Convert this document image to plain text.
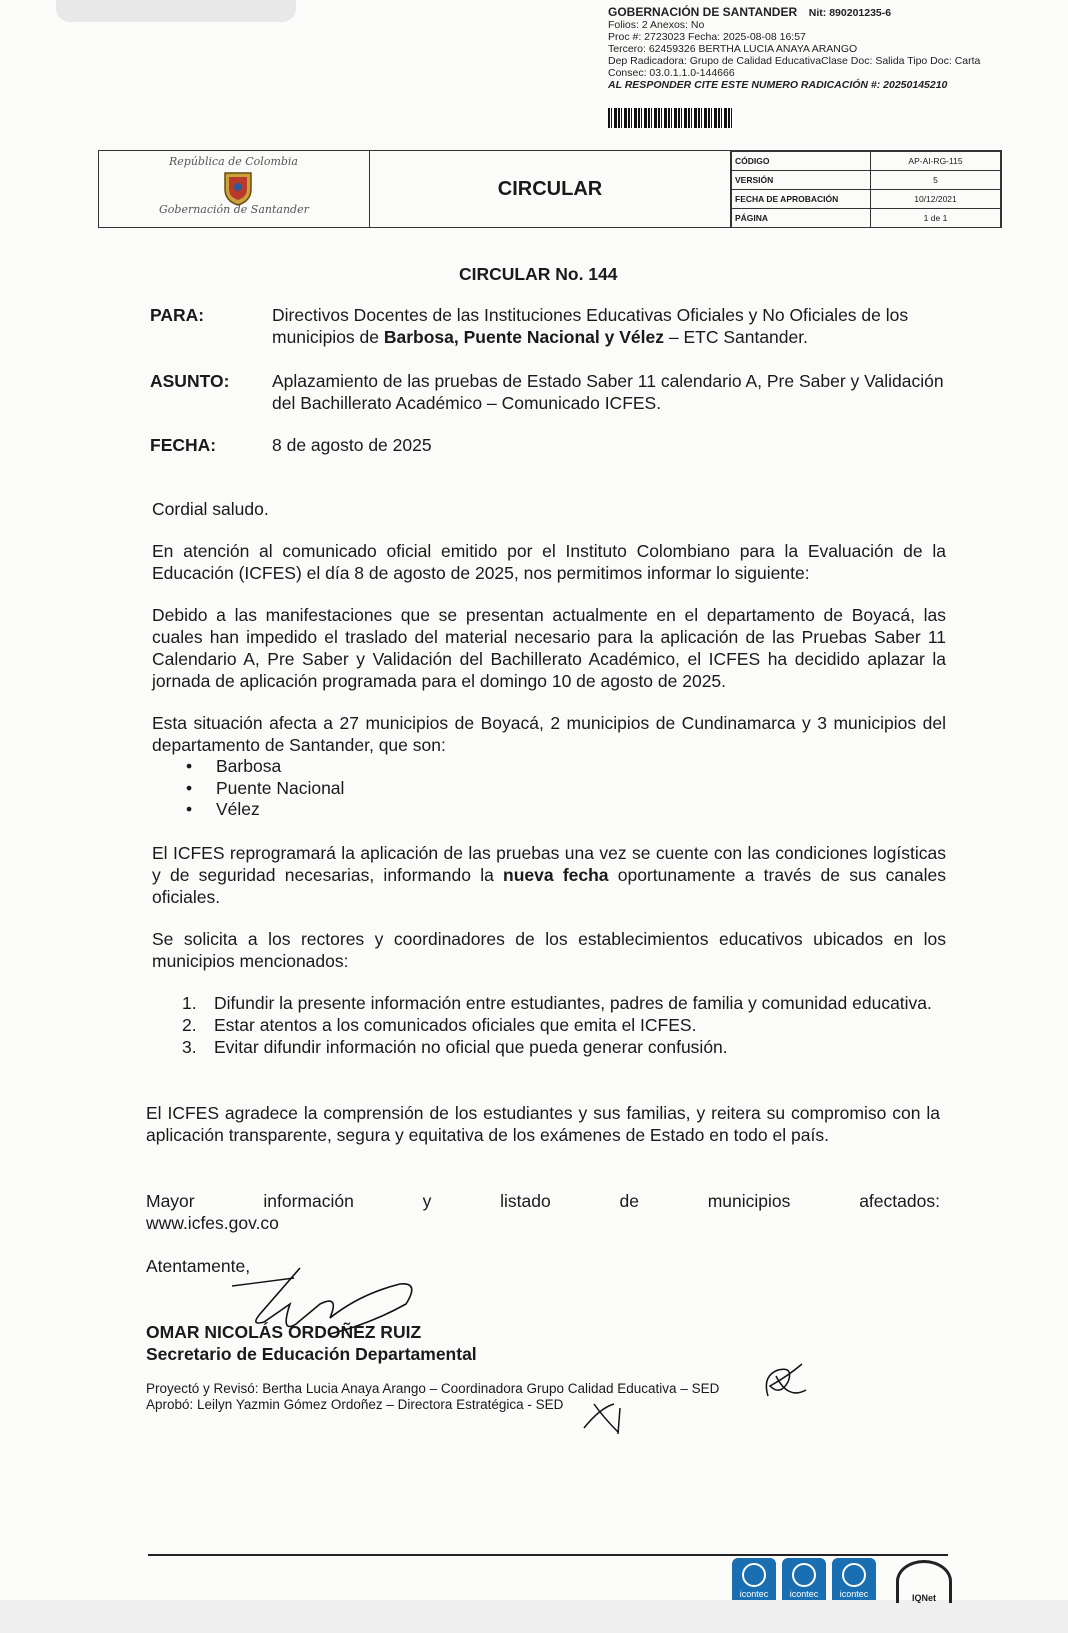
GOBERNACIÓN DE SANTANDER Nit: 890201235-6
Folios: 2 Anexos: No
Proc #: 2723023 Fecha: 2025-08-08 16:57
Tercero: 62459326 BERTHA LUCIA ANAYA ARANGO
Dep Radicadora: Grupo de Calidad EducativaClase Doc: Salida Tipo Doc: Carta
Consec: 03.0.1.1.0-144666
AL RESPONDER CITE ESTE NUMERO RADICACIÓN #: 20250145210
República de Colombia
Gobernación de Santander
CIRCULAR
CÓDIGO	AP-AI-RG-115
VERSIÓN	5
FECHA DE APROBACIÓN	10/12/2021
PÁGINA	1 de 1
CIRCULAR No. 144
PARA:	Directivos Docentes de las Instituciones Educativas Oficiales y No Oficiales de los municipios de Barbosa, Puente Nacional y Vélez – ETC Santander.
ASUNTO: Aplazamiento de las pruebas de Estado Saber 11 calendario A, Pre Saber y Validación del Bachillerato Académico – Comunicado ICFES.
FECHA:	8 de agosto de 2025
Cordial saludo.
En atención al comunicado oficial emitido por el Instituto Colombiano para la Evaluación de la Educación (ICFES) el día 8 de agosto de 2025, nos permitimos informar lo siguiente:
Debido a las manifestaciones que se presentan actualmente en el departamento de Boyacá, las cuales han impedido el traslado del material necesario para la aplicación de las Pruebas Saber 11 Calendario A, Pre Saber y Validación del Bachillerato Académico, el ICFES ha decidido aplazar la jornada de aplicación programada para el domingo 10 de agosto de 2025.
Esta situación afecta a 27 municipios de Boyacá, 2 municipios de Cundinamarca y 3 municipios del departamento de Santander, que son:
• Barbosa
• Puente Nacional
• Vélez
El ICFES reprogramará la aplicación de las pruebas una vez se cuente con las condiciones logísticas y de seguridad necesarias, informando la nueva fecha oportunamente a través de sus canales oficiales.
Se solicita a los rectores y coordinadores de los establecimientos educativos ubicados en los municipios mencionados:
1. Difundir la presente información entre estudiantes, padres de familia y comunidad educativa.
2. Estar atentos a los comunicados oficiales que emita el ICFES.
3. Evitar difundir información no oficial que pueda generar confusión.
El ICFES agradece la comprensión de los estudiantes y sus familias, y reitera su compromiso con la aplicación transparente, segura y equitativa de los exámenes de Estado en todo el país.
Mayor	información	y	listado	de	municipios	afectados:
www.icfes.gov.co
Atentamente,
OMAR NICOLÁS ORDOÑEZ RUIZ
Secretario de Educación Departamental
Proyectó y Revisó: Bertha Lucia Anaya Arango – Coordinadora Grupo Calidad Educativa – SED
Aprobó: Leilyn Yazmin Gómez Ordoñez – Directora Estratégica - SED
icontec	icontec	icontec	IQNet
